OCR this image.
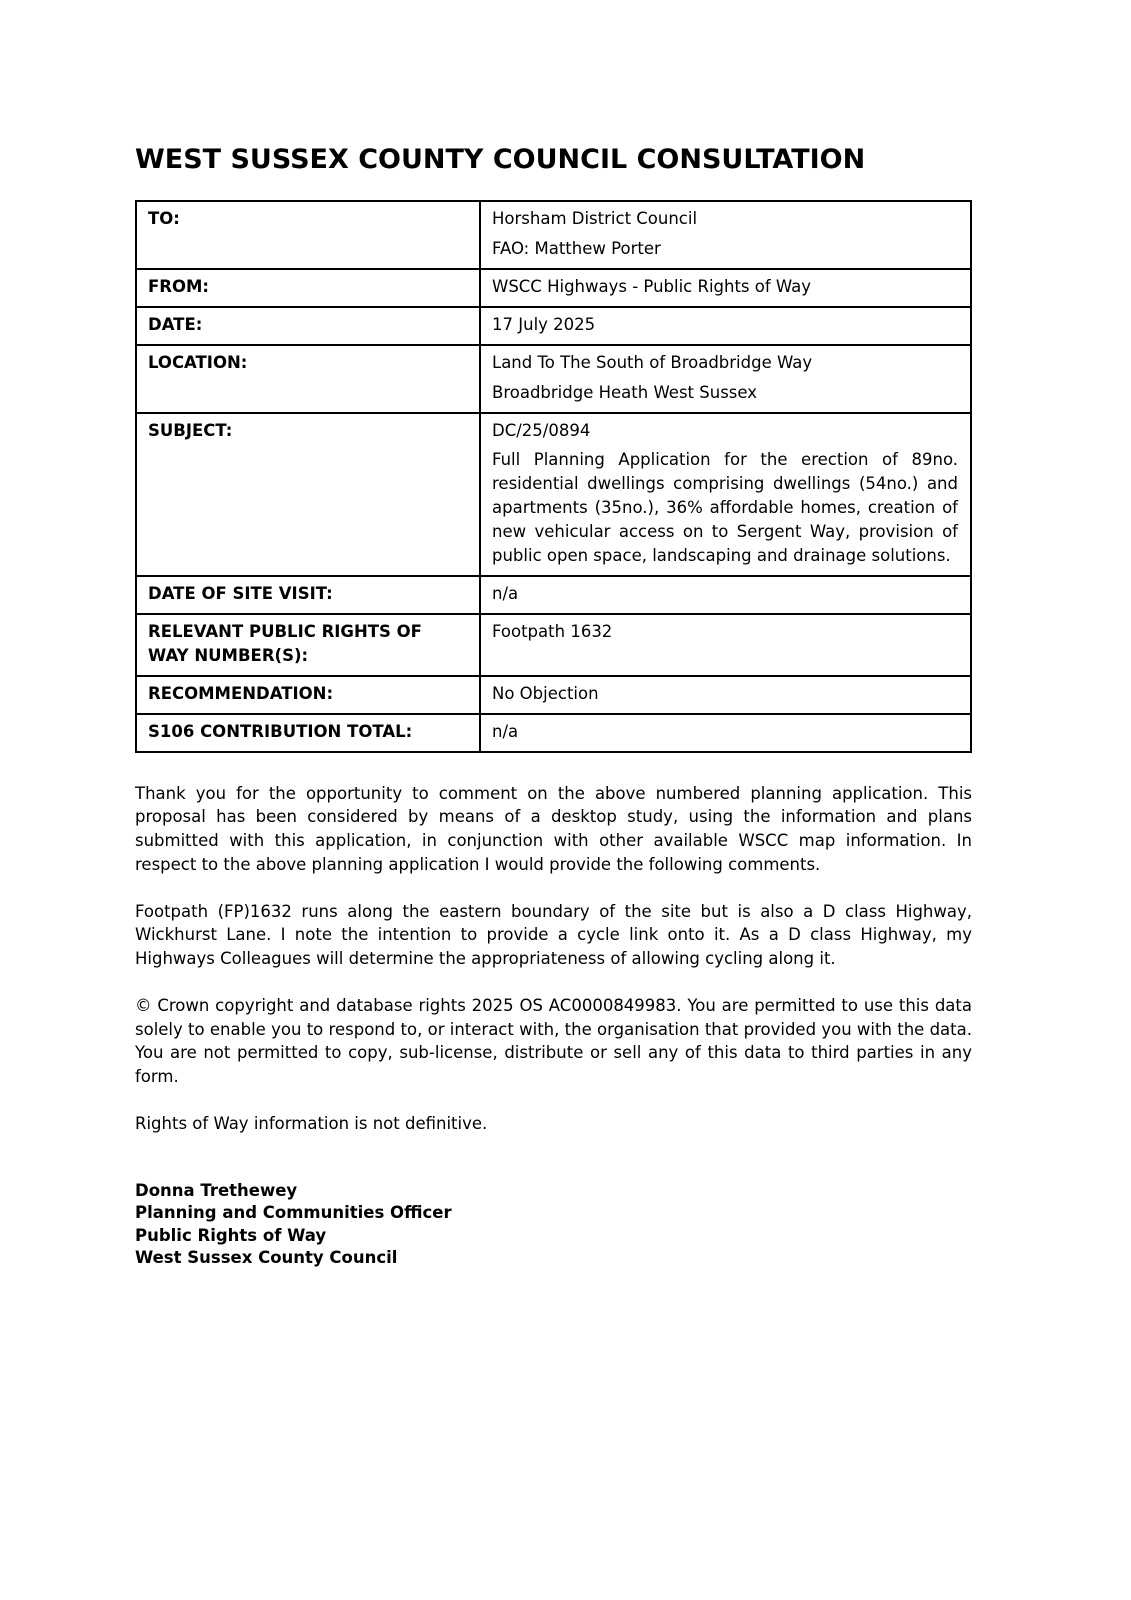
WEST SUSSEX COUNTY COUNCIL CONSULTATION
TO:	Horsham District Council
FAO: Matthew Porter

FROM:	WSCC Highways - Public Rights of Way

DATE:	17 July 2025

LOCATION:	Land To The South of Broadbridge Way
Broadbridge Heath West Sussex

SUBJECT:	DC/25/0894
Full Planning Application for the erection of 89no. residential dwellings comprising dwellings (54no.) and apartments (35no.), 36% affordable homes, creation of new vehicular access on to Sergent Way, provision of public open space, landscaping and drainage solutions.

DATE OF SITE VISIT:	n/a

RELEVANT PUBLIC RIGHTS OF WAY NUMBER(S):	Footpath 1632

RECOMMENDATION:	No Objection

S106 CONTRIBUTION TOTAL:	n/a

Thank you for the opportunity to comment on the above numbered planning application. This proposal has been considered by means of a desktop study, using the information and plans submitted with this application, in conjunction with other available WSCC map information. In respect to the above planning application I would provide the following comments.

Footpath (FP)1632 runs along the eastern boundary of the site but is also a D class Highway, Wickhurst Lane. I note the intention to provide a cycle link onto it. As a D class Highway, my Highways Colleagues will determine the appropriateness of allowing cycling along it.

© Crown copyright and database rights 2025 OS AC0000849983. You are permitted to use this data solely to enable you to respond to, or interact with, the organisation that provided you with the data. You are not permitted to copy, sub-license, distribute or sell any of this data to third parties in any form.

Rights of Way information is not definitive.

Donna Trethewey
Planning and Communities Officer
Public Rights of Way
West Sussex County Council
